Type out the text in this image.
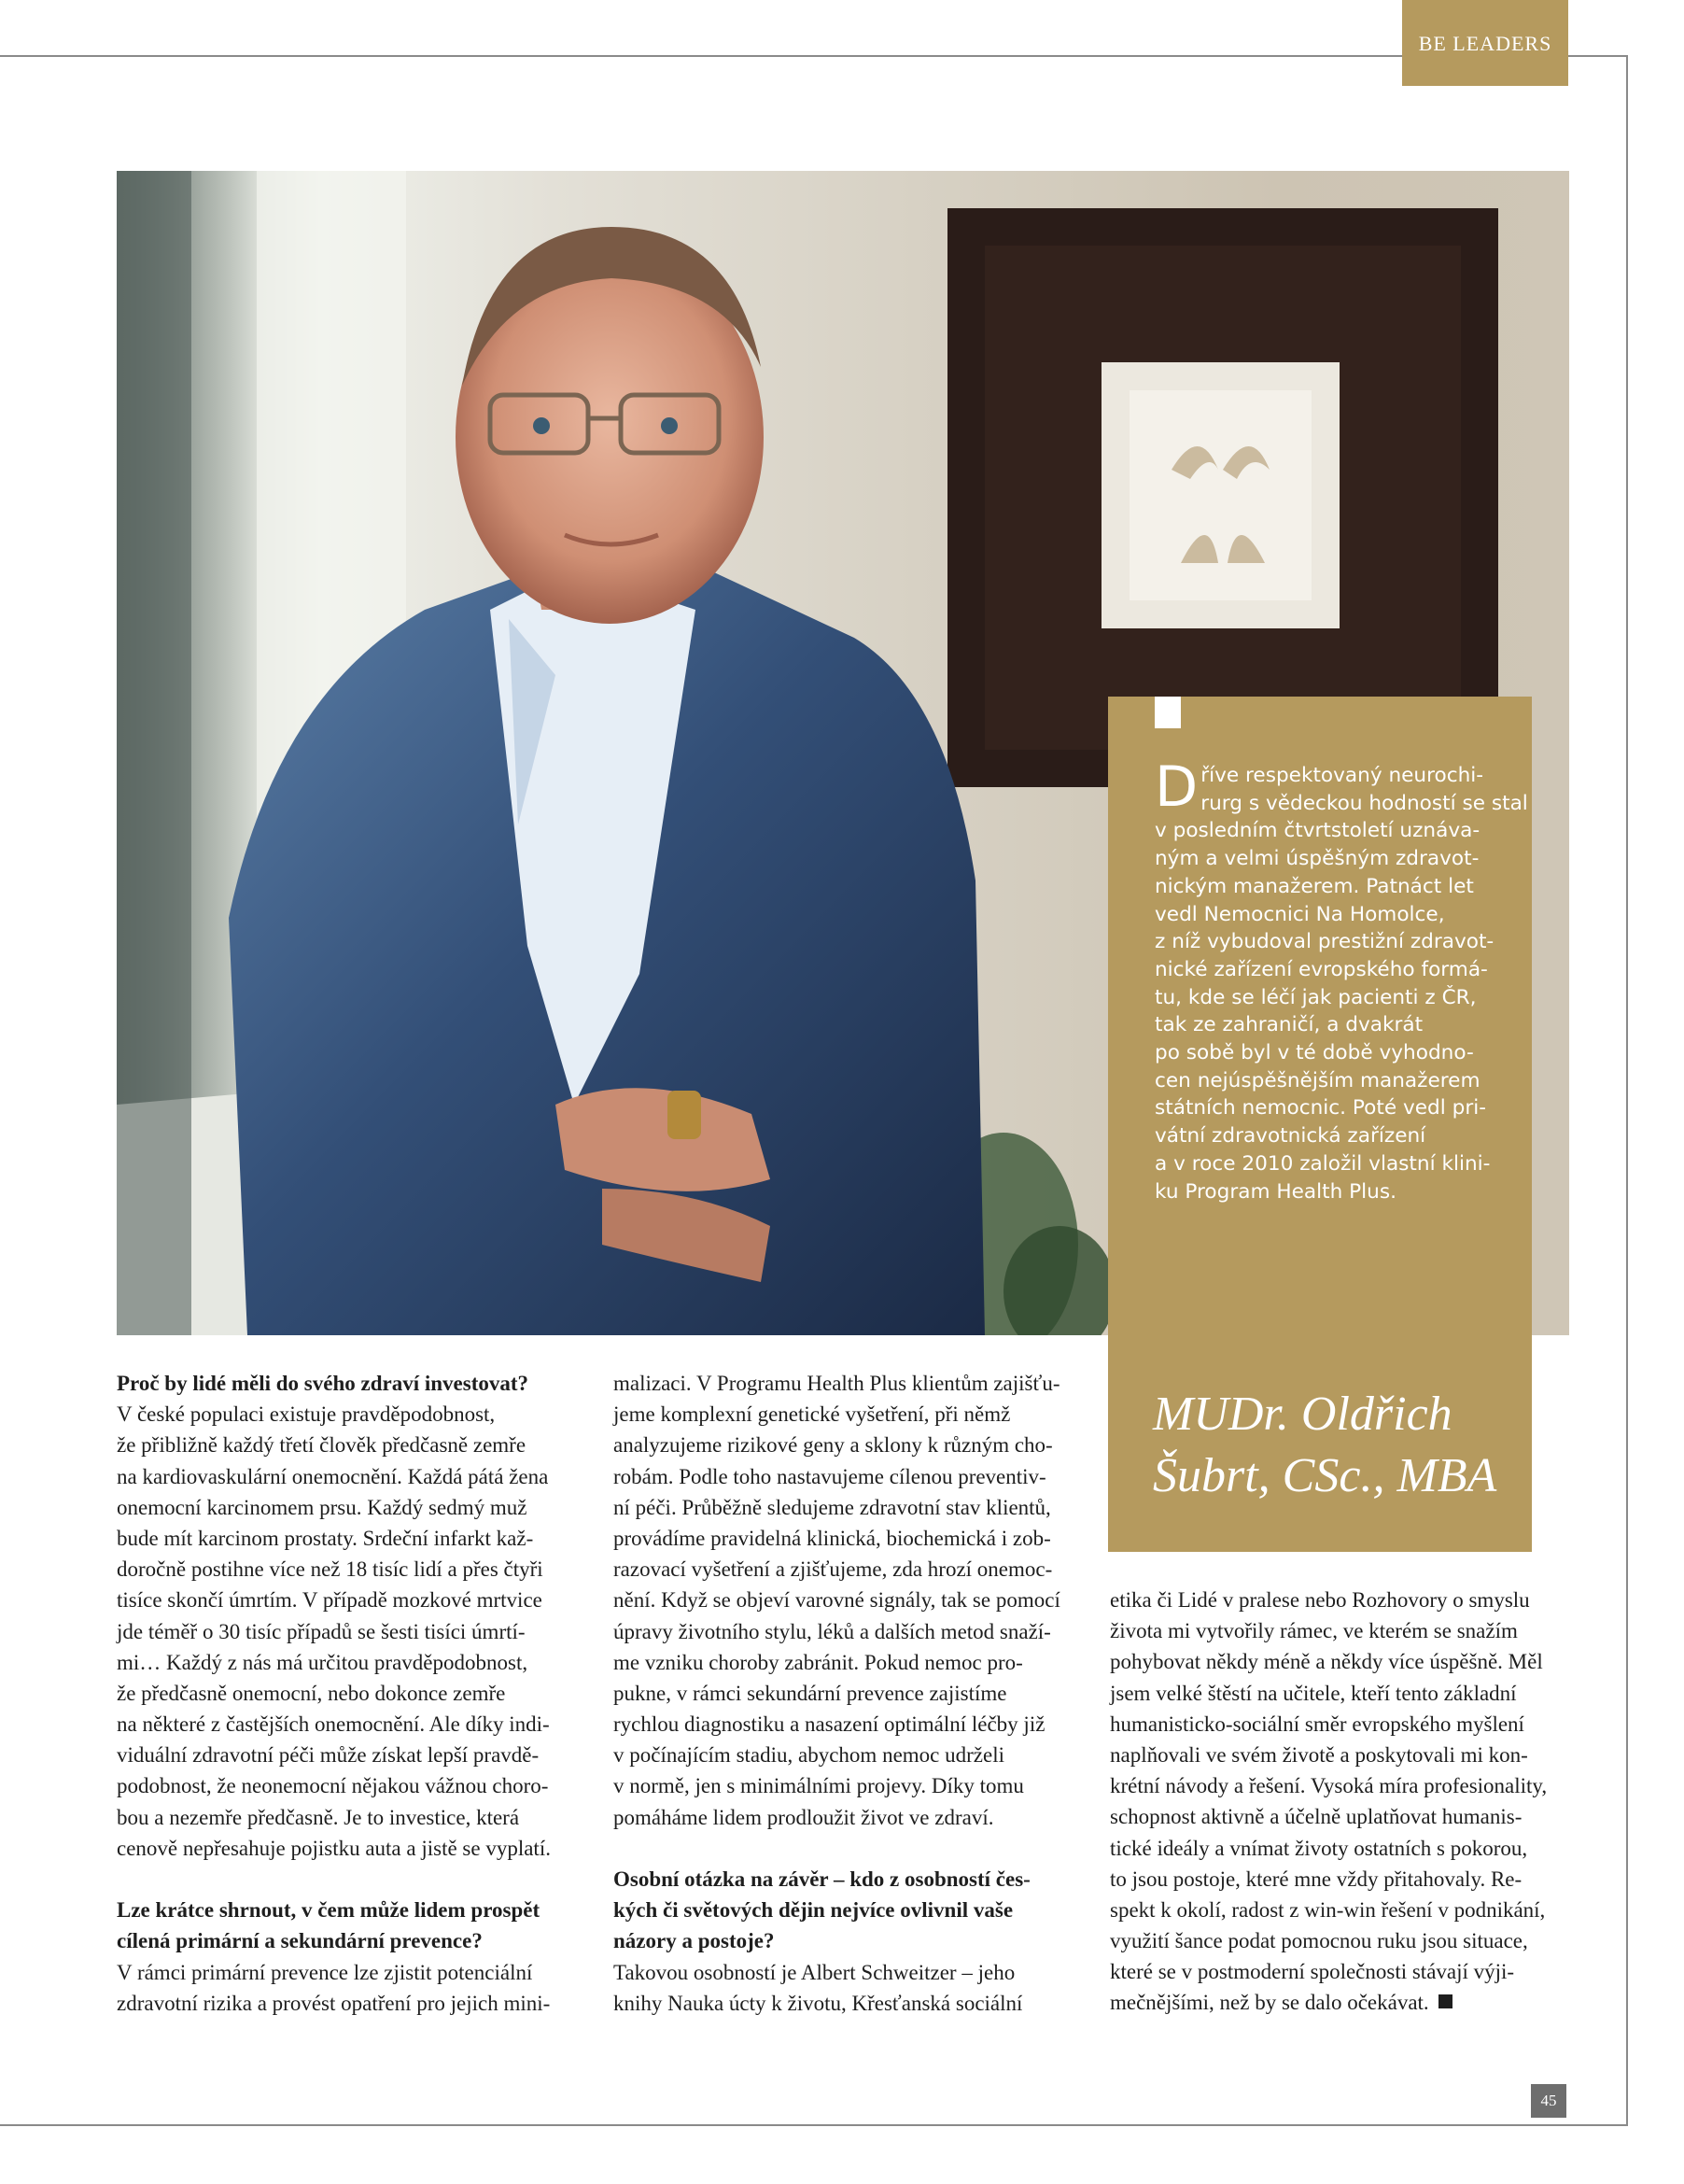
BE LEADERS
D říve respektovaný neurochi-
rurg s vědeckou hodností se stal
v posledním čtvrtstoletí uznáva-
ným a velmi úspěšným zdravot-
nickým manažerem. Patnáct let
vedl Nemocnici Na Homolce,
z níž vybudoval prestižní zdravot-
nické zařízení evropského formá-
tu, kde se léčí jak pacienti z ČR,
tak ze zahraničí, a dvakrát
po sobě byl v té době vyhodno-
cen nejúspěšnějším manažerem
státních nemocnic. Poté vedl pri-
vátní zdravotnická zařízení
a v roce 2010 založil vlastní klini-
ku Program Health Plus.
MUDr. Oldřich
Šubrt, CSc., MBA
Proč by lidé měli do svého zdraví investovat?
V české populaci existuje pravděpodobnost,
že přibližně každý třetí člověk předčasně zemře
na kardiovaskulární onemocnění. Každá pátá žena
onemocní karcinomem prsu. Každý sedmý muž
bude mít karcinom prostaty. Srdeční infarkt kaž-
doročně postihne více než 18 tisíc lidí a přes čtyři
tisíce skončí úmrtím. V případě mozkové mrtvice
jde téměř o 30 tisíc případů se šesti tisíci úmrtí-
mi… Každý z nás má určitou pravděpodobnost,
že předčasně onemocní, nebo dokonce zemře
na některé z častějších onemocnění. Ale díky indi-
viduální zdravotní péči může získat lepší pravdě-
podobnost, že neonemocní nějakou vážnou choro-
bou a nezemře předčasně. Je to investice, která
cenově nepřesahuje pojistku auta a jistě se vyplatí.
Lze krátce shrnout, v čem může lidem prospět
cílená primární a sekundární prevence?
V rámci primární prevence lze zjistit potenciální
zdravotní rizika a provést opatření pro jejich mini-
malizaci. V Programu Health Plus klientům zajišťu-
jeme komplexní genetické vyšetření, při němž
analyzujeme rizikové geny a sklony k různým cho-
robám. Podle toho nastavujeme cílenou preventiv-
ní péči. Průběžně sledujeme zdravotní stav klientů,
provádíme pravidelná klinická, biochemická i zob-
razovací vyšetření a zjišťujeme, zda hrozí onemoc-
nění. Když se objeví varovné signály, tak se pomocí
úpravy životního stylu, léků a dalších metod snaží-
me vzniku choroby zabránit. Pokud nemoc pro-
pukne, v rámci sekundární prevence zajistíme
rychlou diagnostiku a nasazení optimální léčby již
v počínajícím stadiu, abychom nemoc udrželi
v normě, jen s minimálními projevy. Díky tomu
pomáháme lidem prodloužit život ve zdraví.
Osobní otázka na závěr – kdo z osobností čes-
kých či světových dějin nejvíce ovlivnil vaše
názory a postoje?
Takovou osobností je Albert Schweitzer – jeho
knihy Nauka úcty k životu, Křesťanská sociální
etika či Lidé v pralese nebo Rozhovory o smyslu
života mi vytvořily rámec, ve kterém se snažím
pohybovat někdy méně a někdy více úspěšně. Měl
jsem velké štěstí na učitele, kteří tento základní
humanisticko-sociální směr evropského myšlení
naplňovali ve svém životě a poskytovali mi kon-
krétní návody a řešení. Vysoká míra profesionality,
schopnost aktivně a účelně uplatňovat humanis-
tické ideály a vnímat životy ostatních s pokorou,
to jsou postoje, které mne vždy přitahovaly. Re-
spekt k okolí, radost z win-win řešení v podnikání,
využití šance podat pomocnou ruku jsou situace,
které se v postmoderní společnosti stávají výji-
mečnějšími, než by se dalo očekávat.
45
